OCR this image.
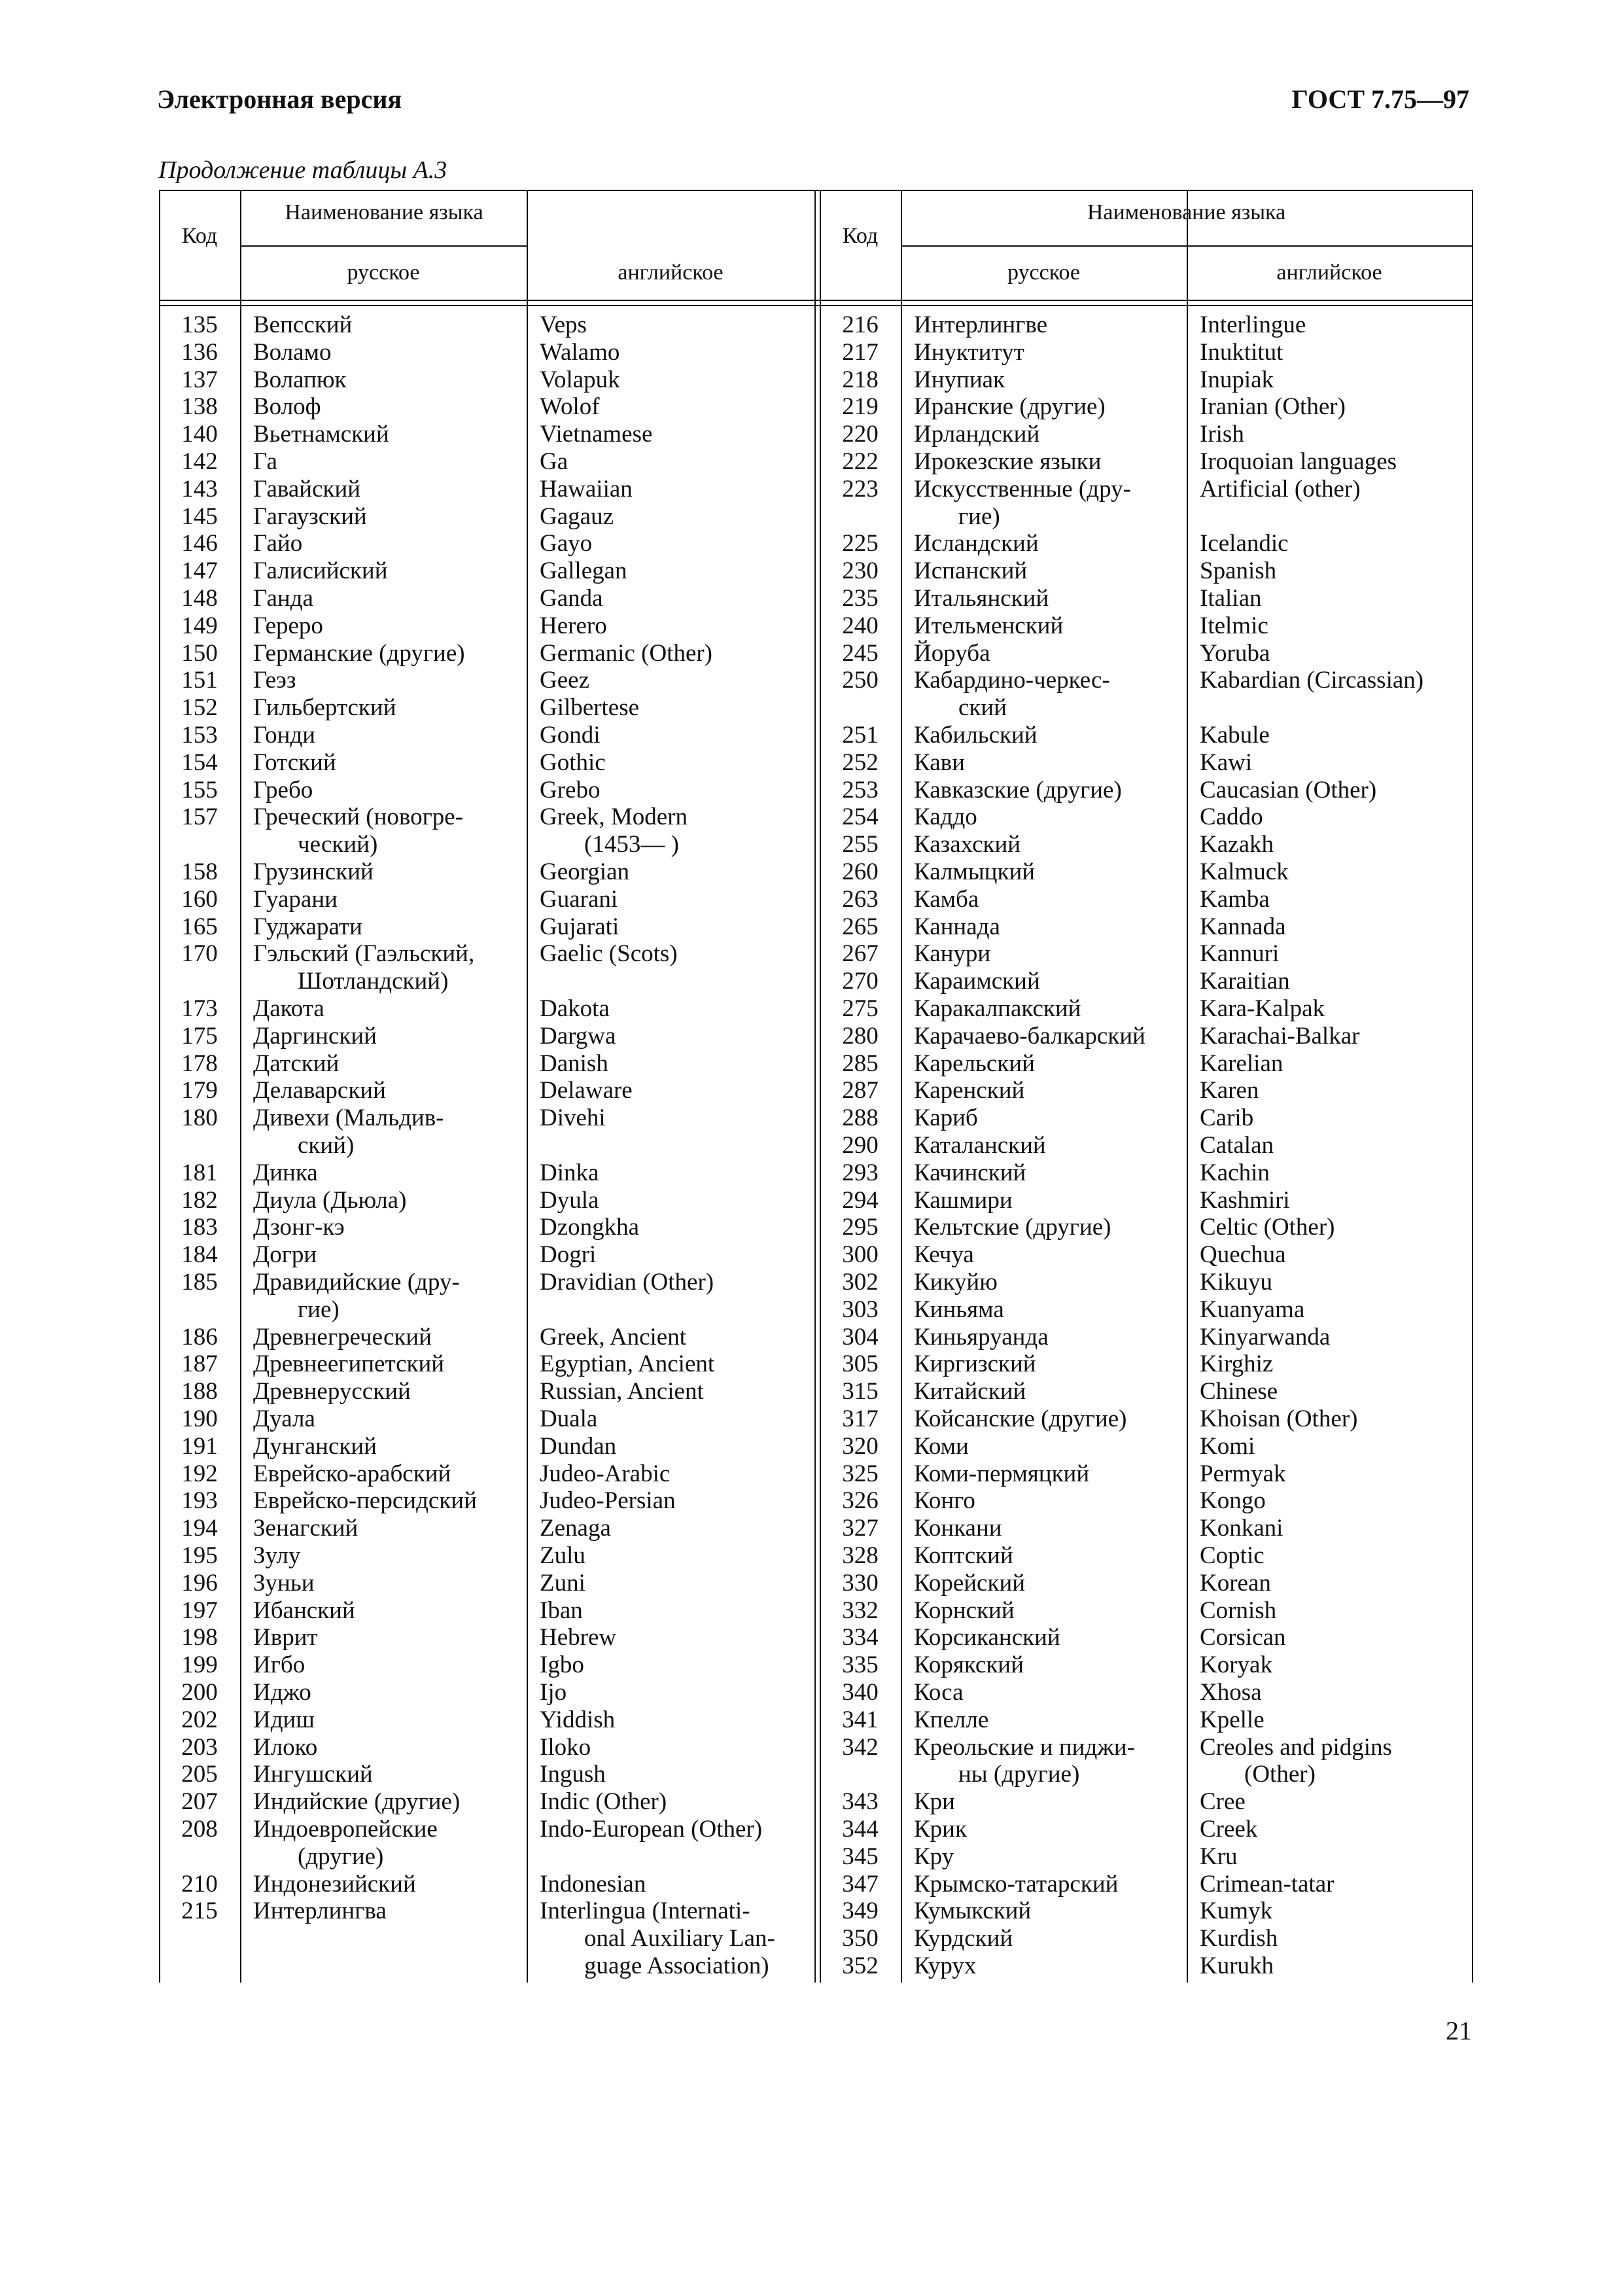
Электронная версия	ГОСТ 7.75—97
Продолжение таблицы А.3
Код
Наименование языка
русское	английское
Код
Наименование языка
русское	английское
135	Вепсский	Veps
136	Воламо	Walamo
137	Волапюк	Volapuk
138	Волоф	Wolof
140	Вьетнамский	Vietnamese
142	Га	Ga
143	Гавайский	Hawaiian
145	Гагаузский	Gagauz
146	Гайо	Gayo
147	Галисийский	Gallegan
148	Ганда	Ganda
149	Гереро	Herero
150	Германские (другие)	Germanic (Other)
151	Геэз	Geez
152	Гильбертский	Gilbertese
153	Гонди	Gondi
154	Готский	Gothic
155	Гребо	Grebo
157	Греческий (новогре-	Greek, Modern
ческий)	(1453— )
158	Грузинский	Georgian
160	Гуарани	Guarani
165	Гуджарати	Gujarati
170	Гэльский (Гаэльский,	Gaelic (Scots)
Шотландский)
173	Дакота	Dakota
175	Даргинский	Dargwa
178	Датский	Danish
179	Делаварский	Delaware
180	Дивехи (Мальдив-	Divehi
ский)
181	Динка	Dinka
182	Диула (Дьюла)	Dyula
183	Дзонг-кэ	Dzongkha
184	Догри	Dogri
185	Дравидийские (дру-	Dravidian (Other)
гие)
186	Древнегреческий	Greek, Ancient
187	Древнеегипетский	Egyptian, Ancient
188	Древнерусский	Russian, Ancient
190	Дуала	Duala
191	Дунганский	Dundan
192	Еврейско-арабский	Judeo-Arabic
193	Еврейско-персидский	Judeo-Persian
194	Зенагский	Zenaga
195	Зулу	Zulu
196	Зуньи	Zuni
197	Ибанский	Iban
198	Иврит	Hebrew
199	Игбо	Igbo
200	Иджо	Ijo
202	Идиш	Yiddish
203	Илоко	Iloko
205	Ингушский	Ingush
207	Индийские (другие)	Indic (Other)
208	Индоевропейские	Indo-European (Other)
(другие)
210	Индонезийский	Indonesian
215	Интерлингва	Interlingua (Internati-
onal Auxiliary Lan-
guage Association)
216	Интерлингве	Interlingue
217	Инуктитут	Inuktitut
218	Инупиак	Inupiak
219	Иранские (другие)	Iranian (Other)
220	Ирландский	Irish
222	Ирокезские языки	Iroquoian languages
223	Искусственные (дру-	Artificial (other)
гие)
225	Исландский	Icelandic
230	Испанский	Spanish
235	Итальянский	Italian
240	Ительменский	Itelmic
245	Йоруба	Yoruba
250	Кабардино-черкес-	Kabardian (Circassian)
ский
251	Кабильский	Kabule
252	Кави	Kawi
253	Кавказские (другие)	Caucasian (Other)
254	Каддо	Caddo
255	Казахский	Kazakh
260	Калмыцкий	Kalmuck
263	Камба	Kamba
265	Каннада	Kannada
267	Канури	Kannuri
270	Караимский	Karaitian
275	Каракалпакский	Kara-Kalpak
280	Карачаево-балкарский Karachai-Balkar
285	Карельский	Karelian
287	Каренский	Karen
288	Кариб	Carib
290	Каталанский	Catalan
293	Качинский	Kachin
294	Кашмири	Kashmiri
295	Кельтские (другие)	Celtic (Other)
300	Кечуа	Quechua
302	Кикуйю	Kikuyu
303	Киньяма	Kuanyama
304	Киньяруанда	Kinyarwanda
305	Киргизский	Kirghiz
315	Китайский	Chinese
317	Койсанские (другие)	Khoisan (Other)
320	Коми	Komi
325	Коми-пермяцкий	Permyak
326	Конго	Kongo
327	Конкани	Konkani
328	Коптский	Coptic
330	Корейский	Korean
332	Корнский	Cornish
334	Корсиканский	Corsican
335	Корякский	Koryak
340	Коса	Xhosa
341	Кпелле	Kpelle
342	Креольские и пиджи-	Creoles and pidgins
ны (другие)	(Other)
343	Кри	Cree
344	Крик	Creek
345	Кру	Kru
347	Крымско-татарский	Crimean-tatar
349	Кумыкский	Kumyk
350	Курдский	Kurdish
352	Курух	Kurukh
21
